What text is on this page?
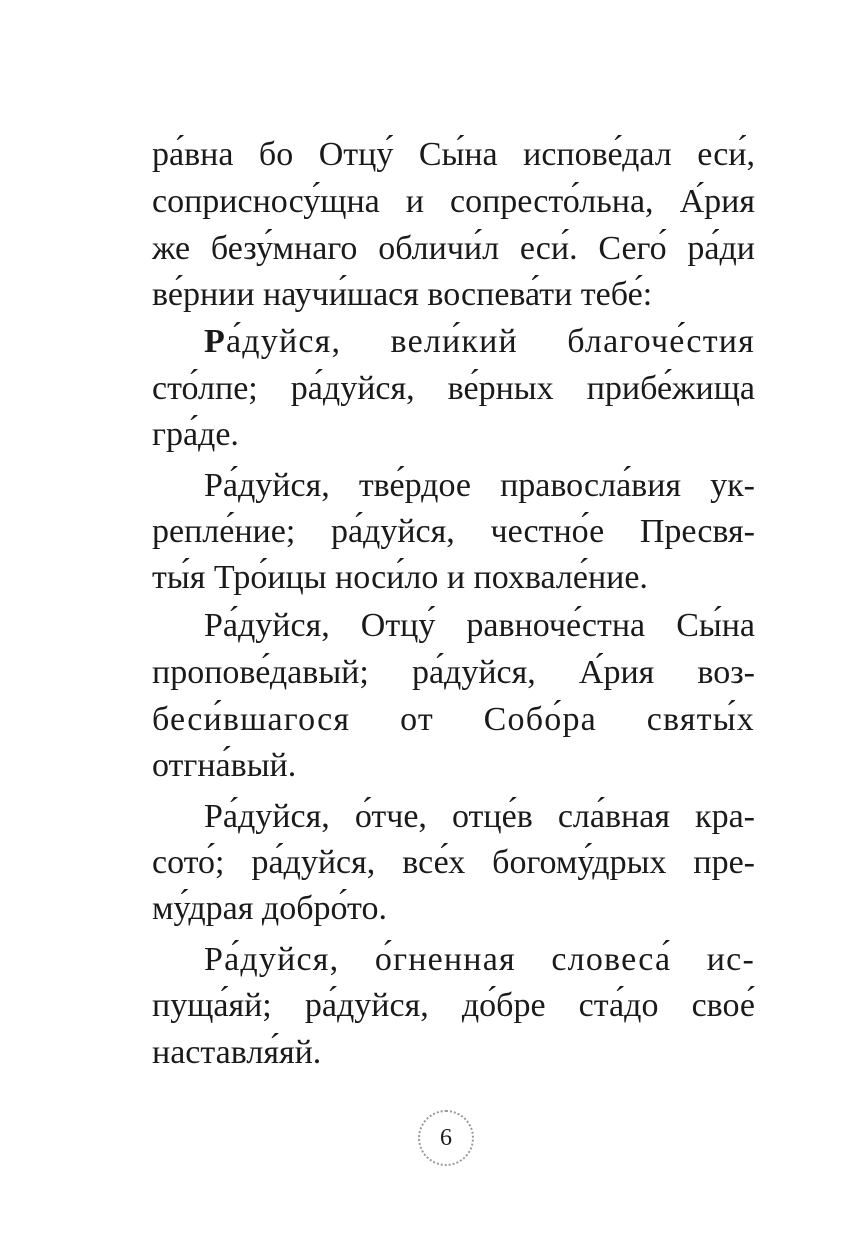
ра́вна бо Отцу́ Сы́на испове́дал еси́,
соприсносу́щна и сопресто́льна, А́рия
же безу́мнаго обличи́л еси́. Сего́ ра́ди
ве́рнии научи́шася воспева́ти тебе́:
Ра́дуйся, вели́кий благоче́стия
сто́лпе; ра́дуйся, ве́рных прибе́жища
гра́де.
Ра́дуйся, тве́рдое правосла́вия ук-
репле́ние; ра́дуйся, честно́е Пресвя-
ты́я Тро́ицы носи́ло и похвале́ние.
Ра́дуйся, Отцу́ равноче́стна Сы́на
пропове́давый; ра́дуйся, А́рия воз-
беси́вшагося от Собо́ра святы́х
отгна́вый.
Ра́дуйся, о́тче, отце́в сла́вная кра-
сото́; ра́дуйся, все́х богому́дрых пре-
му́драя добро́то.
Ра́дуйся, о́гненная словеса́ ис-
пуща́яй; ра́дуйся, до́бре ста́до свое́
наставля́яй.
6
